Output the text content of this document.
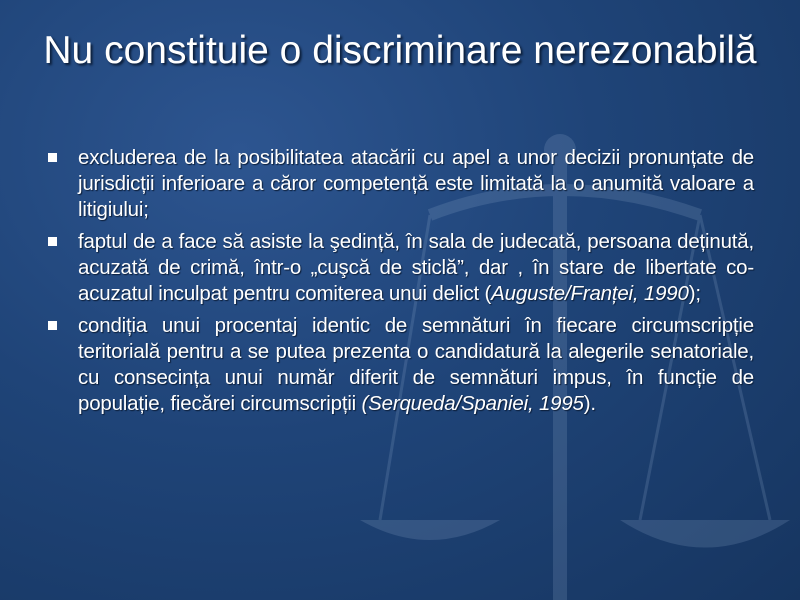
Nu constituie o discriminare nerezonabilă
excluderea de la posibilitatea atacării cu apel a unor decizii pronunțate de jurisdicții inferioare a căror competență este limitată la o anumită valoare a litigiului;
faptul de a face să asiste la şedință, în sala de judecată, persoana deținută, acuzată de crimă, într-o „cuşcă de sticlă”, dar , în stare de libertate co-acuzatul inculpat pentru comiterea unui delict (Auguste/Franței, 1990);
condiția unui procentaj identic de semnături în fiecare circumscripție teritorială pentru a se putea prezenta o candidatură la alegerile senatoriale, cu consecința unui număr diferit de semnături impus, în funcție de populație, fiecărei circumscripții (Serqueda/Spaniei, 1995).
